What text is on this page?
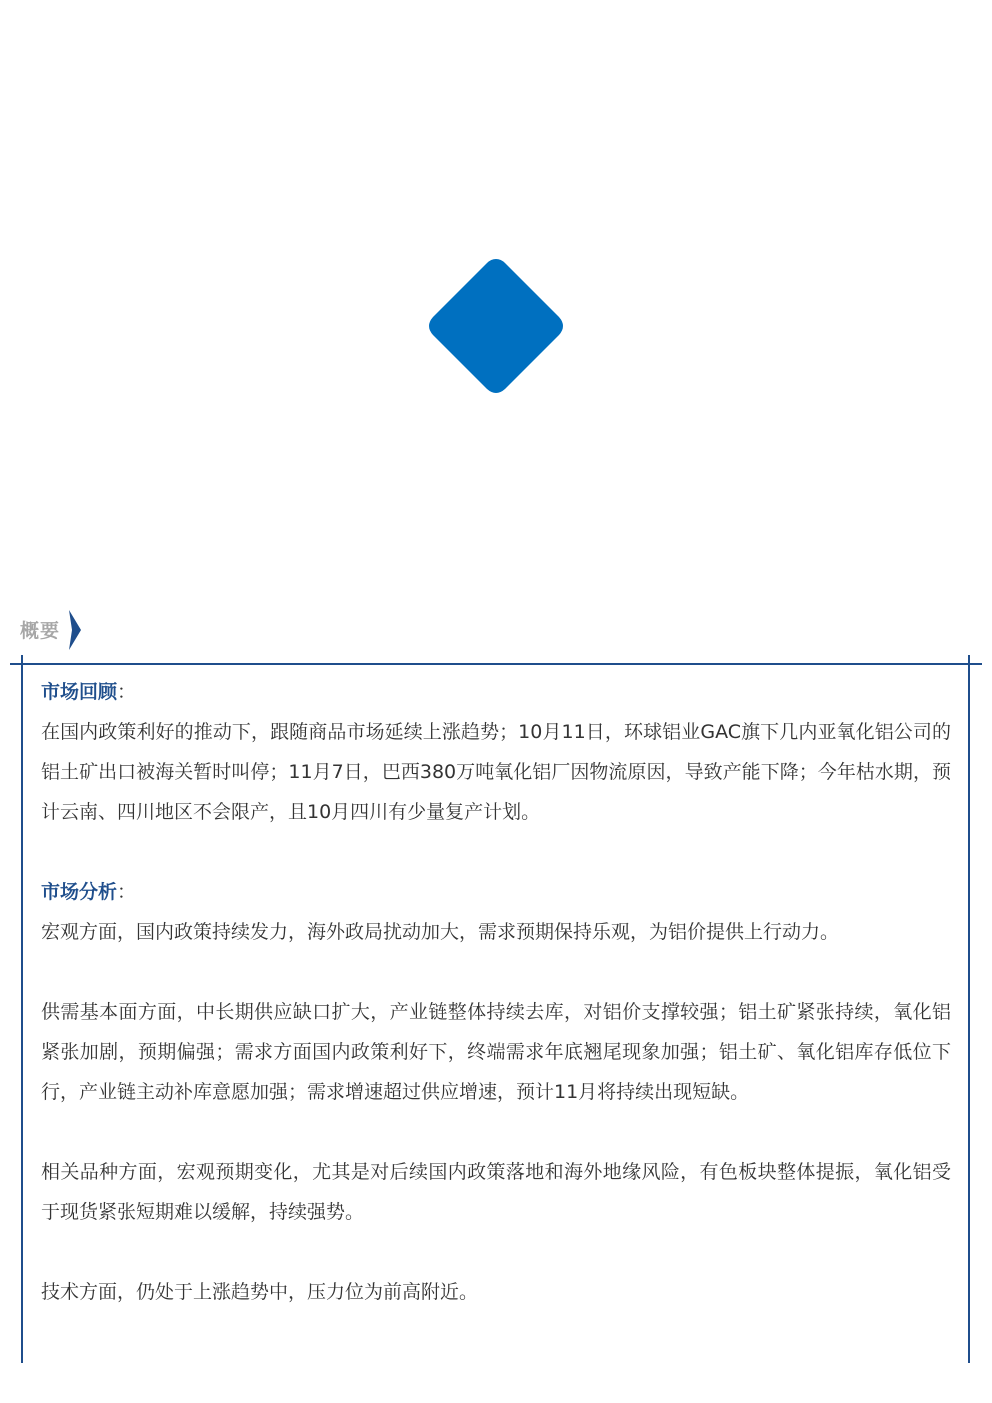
概要

市场回顾：

在国内政策利好的推动下，跟随商品市场延续上涨趋势；10月11日，环球铝业GAC旗下几内亚氧化铝公司的铝土矿出口被海关暂时叫停；11月7日，巴西380万吨氧化铝厂因物流原因，导致产能下降；今年枯水期，预计云南、四川地区不会限产，且10月四川有少量复产计划。

市场分析：

宏观方面，国内政策持续发力，海外政局扰动加大，需求预期保持乐观，为铝价提供上行动力。

供需基本面方面，中长期供应缺口扩大，产业链整体持续去库，对铝价支撑较强；铝土矿紧张持续，氧化铝紧张加剧，预期偏强；需求方面国内政策利好下，终端需求年底翘尾现象加强；铝土矿、氧化铝库存低位下行，产业链主动补库意愿加强；需求增速超过供应增速，预计11月将持续出现短缺。

相关品种方面，宏观预期变化，尤其是对后续国内政策落地和海外地缘风险，有色板块整体提振，氧化铝受于现货紧张短期难以缓解，持续强势。

技术方面，仍处于上涨趋势中，压力位为前高附近。
